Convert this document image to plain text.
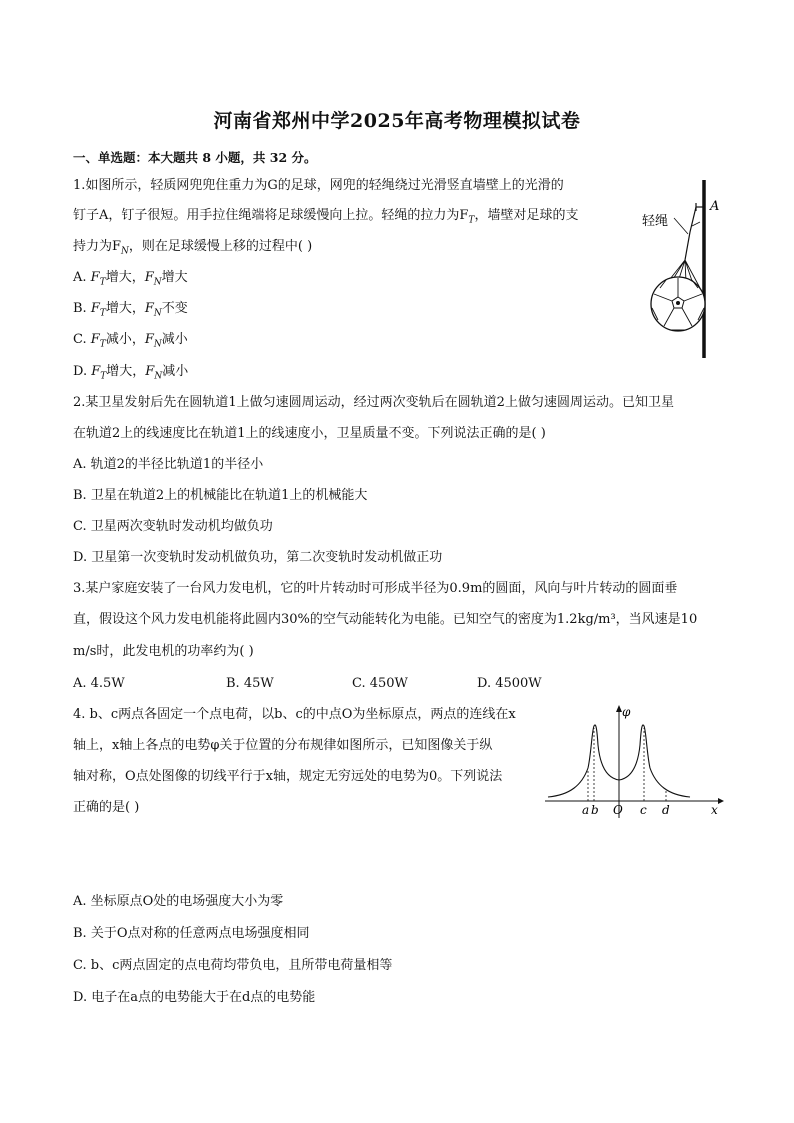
河南省郑州中学2025年高考物理模拟试卷
一、单选题：本大题共 8 小题，共 32 分。
1.如图所示，轻质网兜兜住重力为G的足球，网兜的轻绳绕过光滑竖直墙壁上的光滑的
钉子A，钉子很短。用手拉住绳端将足球缓慢向上拉。轻绳的拉力为$F_T$，墙壁对足球的支
持力为$F_N$，则在足球缓慢上移的过程中( )
A. $F_T$增大，$F_N$增大
B. $F_T$增大，$F_N$不变
C. $F_T$减小，$F_N$减小
D. $F_T$增大，$F_N$减小
A
轻绳
2.某卫星发射后先在圆轨道1上做匀速圆周运动，经过两次变轨后在圆轨道2上做匀速圆周运动。已知卫星
在轨道2上的线速度比在轨道1上的线速度小，卫星质量不变。下列说法正确的是( )
A. 轨道2的半径比轨道1的半径小
B. 卫星在轨道2上的机械能比在轨道1上的机械能大
C. 卫星两次变轨时发动机均做负功
D. 卫星第一次变轨时发动机做负功，第二次变轨时发动机做正功
3.某户家庭安装了一台风力发电机，它的叶片转动时可形成半径为0.9m的圆面，风向与叶片转动的圆面垂
直，假设这个风力发电机能将此圆内30%的空气动能转化为电能。已知空气的密度为1.2kg/m³，当风速是10
m/s时，此发电机的功率约为( )
A. 4.5W	B. 45W	C. 450W	D. 4500W
4. b、c两点各固定一个点电荷，以b、c的中点O为坐标原点，两点的连线在x
轴上，x轴上各点的电势φ关于位置的分布规律如图所示，已知图像关于纵
轴对称，O点处图像的切线平行于x轴，规定无穷远处的电势为0。下列说法
正确的是( )
φ
x
a b O c d
A. 坐标原点O处的电场强度大小为零
B. 关于O点对称的任意两点电场强度相同
C. b、c两点固定的点电荷均带负电，且所带电荷量相等
D. 电子在a点的电势能大于在d点的电势能
